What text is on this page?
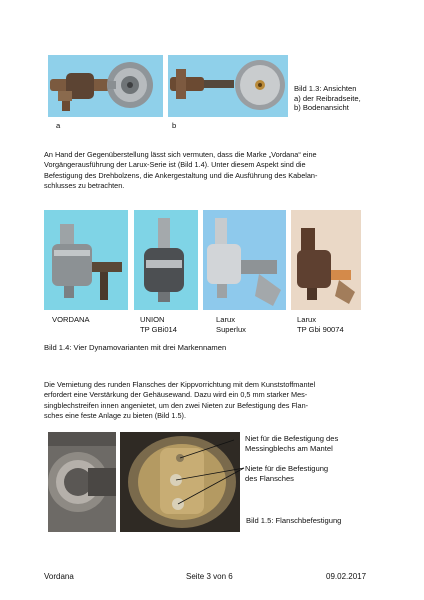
a	b
Bild 1.3: Ansichten
a) der Reibradseite,
b) Bodenansicht
An Hand der Gegenüberstellung lässt sich vermuten, dass die Marke „Vordana“ eine
Vorgängerausführung der Larux-Serie ist (Bild 1.4). Unter diesem Aspekt sind die
Befestigung des Drehbolzens, die Ankergestaltung und die Ausführung des Kabelan-
schlusses zu betrachten.
VORDANA	UNION
TP GBi014
Larux
Superlux
Larux
TP Gbi 90074
Bild 1.4: Vier Dynamovarianten mit drei Markennamen
Die Vernietung des runden Flansches der Kippvorrichtung mit dem Kunststoffmantel
erfordert eine Verstärkung der Gehäusewand. Dazu wird ein 0,5 mm starker Mes-
singblechstreifen innen angenietet, um den zwei Nieten zur Befestigung des Flan-
sches eine feste Anlage zu bieten (Bild 1.5).
Niet für die Befestigung des
Messingblechs am Mantel
Niete für die Befestigung
des Flansches
Bild 1.5: Flanschbefestigung
Vordana	Seite 3 von 6	09.02.2017
